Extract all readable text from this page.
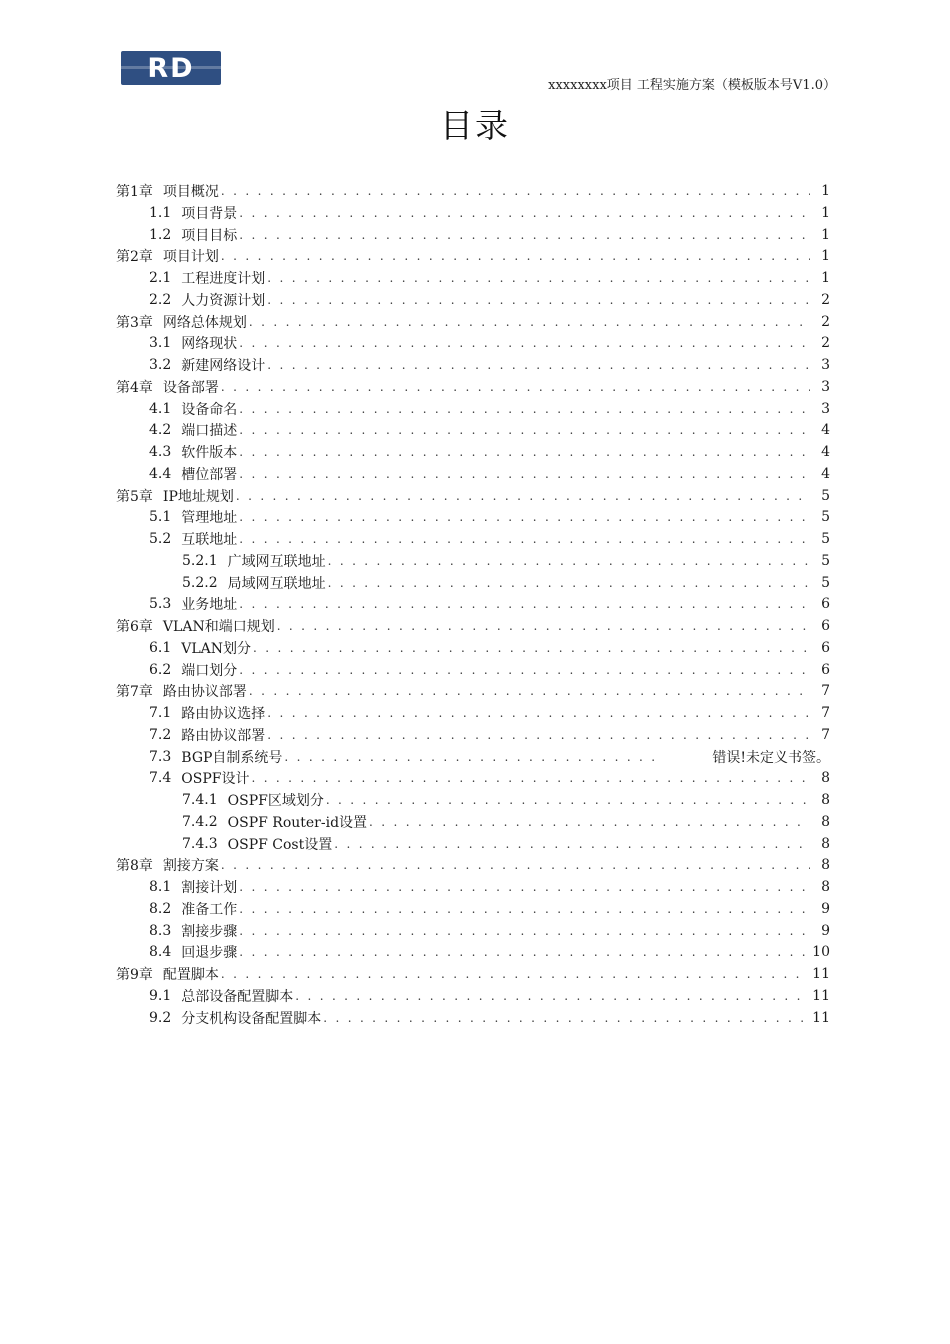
RD
xxxxxxxx项目 工程实施方案（模板版本号V1.0）
目录
第1章 项目概况 . . .	1
1.1 项目背景 . . .	1
1.2 项目目标 . . .	1
第2章 项目计划 . . .	1
2.1 工程进度计划 . . .	1
2.2 人力资源计划 . . .	2
第3章 网络总体规划 . . .	2
3.1 网络现状 . . .	2
3.2 新建网络设计 . . .	3
第4章 设备部署 . . .	3
4.1 设备命名 . . .	3
4.2 端口描述 . . .	4
4.3 软件版本 . . .	4
4.4 槽位部署 . . .	4
第5章 IP地址规划 . . .	5
5.1 管理地址 . . .	5
5.2 互联地址 . . .	5
5.2.1 广域网互联地址 . . .	5
5.2.2 局域网互联地址 . . .	5
5.3 业务地址 . . .	6
第6章 VLAN和端口规划 . . .	6
6.1 VLAN划分 . . .	6
6.2 端口划分 . . .	6
第7章 路由协议部署 . . .	7
7.1 路由协议选择 . . .	7
7.2 路由协议部署 . . .	7
7.3 BGP自制系统号 . . .	错误!未定义书签。
7.4 OSPF设计 . . .	8
7.4.1 OSPF区域划分 . . .	8
7.4.2 OSPF Router-id设置 . . .	8
7.4.3 OSPF Cost设置 . . .	8
第8章 割接方案 . . .	8
8.1 割接计划 . . .	8
8.2 准备工作 . . .	9
8.3 割接步骤 . . .	9
8.4 回退步骤 . . .	10
第9章 配置脚本 . . .	11
9.1 总部设备配置脚本 . . .	11
9.2 分支机构设备配置脚本 . . .	11
